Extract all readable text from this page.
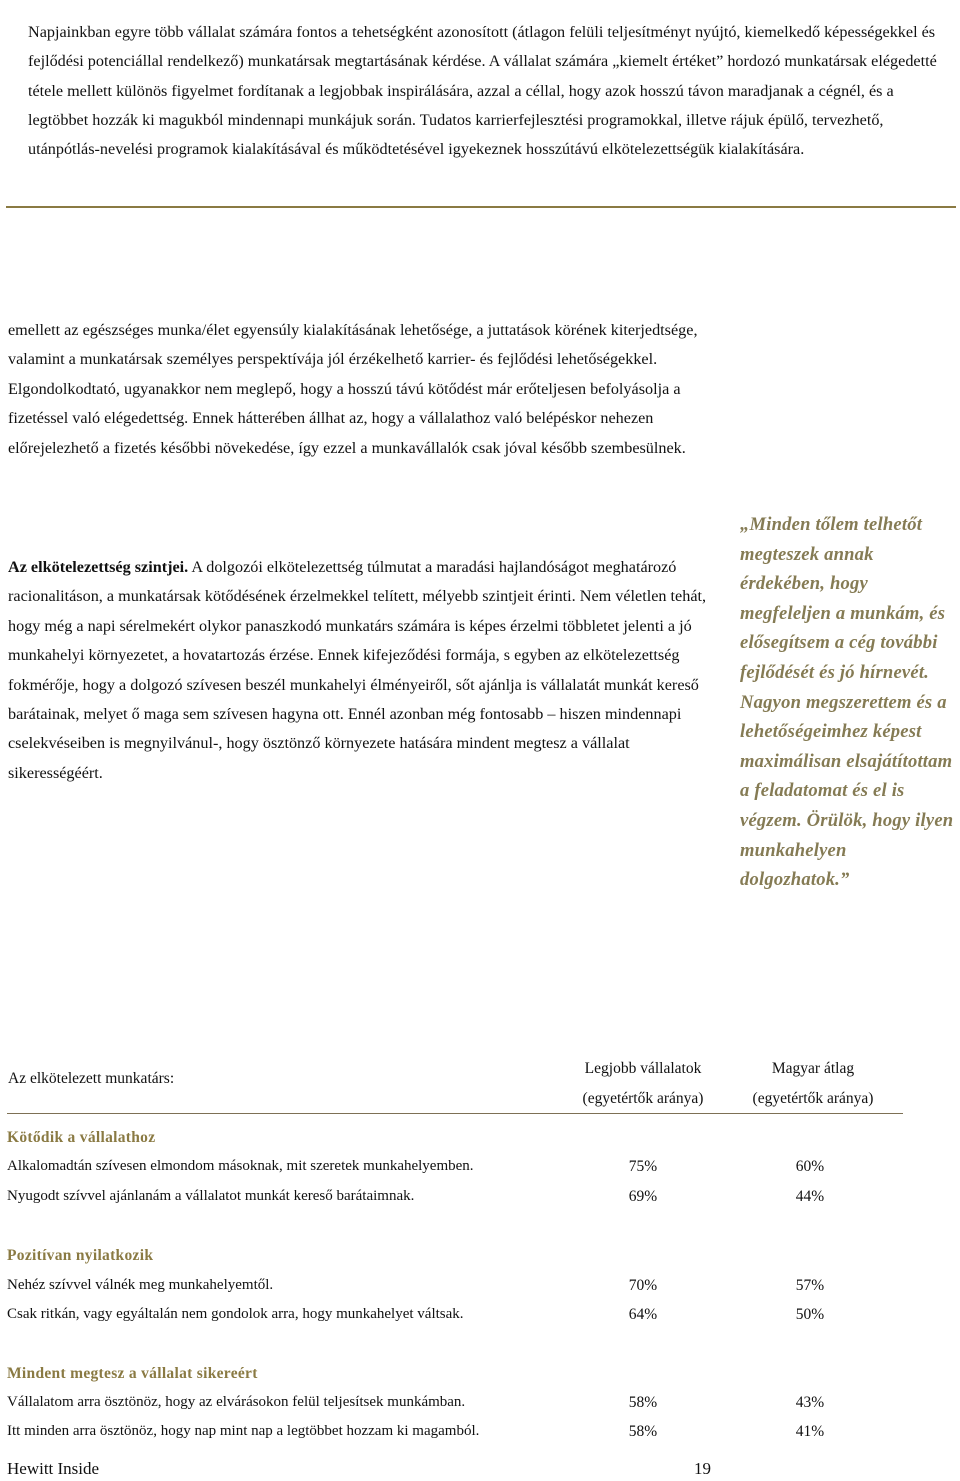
Napjainkban egyre több vállalat számára fontos a tehetségként azonosított (átlagon felüli teljesítményt nyújtó, kiemelkedő képességekkel és fejlődési potenciállal rendelkező) munkatársak megtartásának kérdése. A vállalat számára „kiemelt értéket” hordozó munkatársak elégedetté tétele mellett különös figyelmet fordítanak a legjobbak inspirálására, azzal a céllal, hogy azok hosszú távon maradjanak a cégnél, és a legtöbbet hozzák ki magukból mindennapi munkájuk során. Tudatos karrierfejlesztési programokkal, illetve rájuk épülő, tervezhető, utánpótlás-nevelési programok kialakításával és működtetésével igyekeznek hosszútávú elkötelezettségük kialakítására.

emellett az egészséges munka/élet egyensúly kialakításának lehetősége, a juttatások körének kiterjedtsége, valamint a munkatársak személyes perspektívája jól érzékelhető karrier- és fejlődési lehetőségekkel. Elgondolkodtató, ugyanakkor nem meglepő, hogy a hosszú távú kötődést már erőteljesen befolyásolja a fizetéssel való elégedettség. Ennek hátterében állhat az, hogy a vállalathoz való belépéskor nehezen előrejelezhető a fizetés későbbi növekedése, így ezzel a munkavállalók csak jóval később szembesülnek.

Az elkötelezettség szintjei. A dolgozói elkötelezettség túlmutat a maradási hajlandóságot meghatározó racionalitáson, a munkatársak kötődésének érzelmekkel telített, mélyebb szintjeit érinti. Nem véletlen tehát, hogy még a napi sérelmekért olykor panaszkodó munkatárs számára is képes érzelmi többletet jelenti a jó munkahelyi környezetet, a hovatartozás érzése. Ennek kifejeződési formája, s egyben az elkötelezettség fokmérője, hogy a dolgozó szívesen beszél munkahelyi élményeiről, sőt ajánlja is vállalatát munkát kereső barátainak, melyet ő maga sem szívesen hagyna ott. Ennél azonban még fontosabb – hiszen mindennapi cselekvéseiben is megnyilvánul-, hogy ösztönző környezete hatására mindent megtesz a vállalat sikerességéért.

„Minden tőlem telhetőt megteszek annak érdekében, hogy megfeleljen a munkám, és elősegítsem a cég további fejlődését és jó hírnevét. Nagyon megszerettem és a lehetőségeimhez képest maximálisan elsajátítottam a feladatomat és el is végzem. Örülök, hogy ilyen munkahelyen dolgozhatok.”

Az elkötelezett munkatárs:
Legjobb vállalatok
(egyetértők aránya)
Magyar átlag
(egyetértők aránya)
Kötődik a vállalathoz
Alkalomadtán szívesen elmondom másoknak, mit szeretek munkahelyemben.	75%	60%
Nyugodt szívvel ajánlanám a vállalatot munkát kereső barátaimnak.	69%	44%
Pozitívan nyilatkozik
Nehéz szívvel válnék meg munkahelyemtől.	70%	57%
Csak ritkán, vagy egyáltalán nem gondolok arra, hogy munkahelyet váltsak.	64%	50%
Mindent megtesz a vállalat sikereért
Vállalatom arra ösztönöz, hogy az elvárásokon felül teljesítsek munkámban.	58%	43%
Itt minden arra ösztönöz, hogy nap mint nap a legtöbbet hozzam ki magamból.	58%	41%
Hewitt Inside	19
